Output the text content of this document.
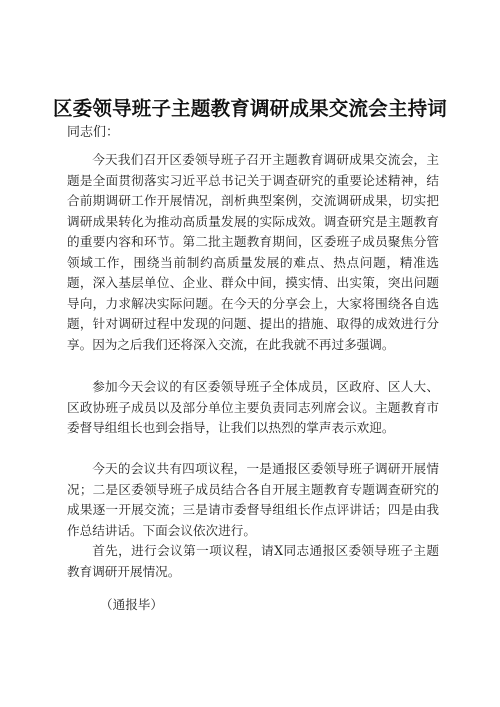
区委领导班子主题教育调研成果交流会主持词
同志们：

今天我们召开区委领导班子召开主题教育调研成果交流会，主题是全面贯彻落实习近平总书记关于调查研究的重要论述精神，结合前期调研工作开展情况，剖析典型案例，交流调研成果，切实把调研成果转化为推动高质量发展的实际成效。调查研究是主题教育的重要内容和环节。第二批主题教育期间，区委班子成员聚焦分管领域工作，围绕当前制约高质量发展的难点、热点问题，精准选题，深入基层单位、企业、群众中间，摸实情、出实策，突出问题导向，力求解决实际问题。在今天的分享会上，大家将围绕各自选题，针对调研过程中发现的问题、提出的措施、取得的成效进行分享。因为之后我们还将深入交流，在此我就不再过多强调。

参加今天会议的有区委领导班子全体成员，区政府、区人大、区政协班子成员以及部分单位主要负责同志列席会议。主题教育市委督导组组长也到会指导，让我们以热烈的掌声表示欢迎。

今天的会议共有四项议程，一是通报区委领导班子调研开展情况；二是区委领导班子成员结合各自开展主题教育专题调查研究的成果逐一开展交流；三是请市委督导组组长作点评讲话；四是由我作总结讲话。下面会议依次进行。

首先，进行会议第一项议程，请X同志通报区委领导班子主题教育调研开展情况。

（通报毕）
